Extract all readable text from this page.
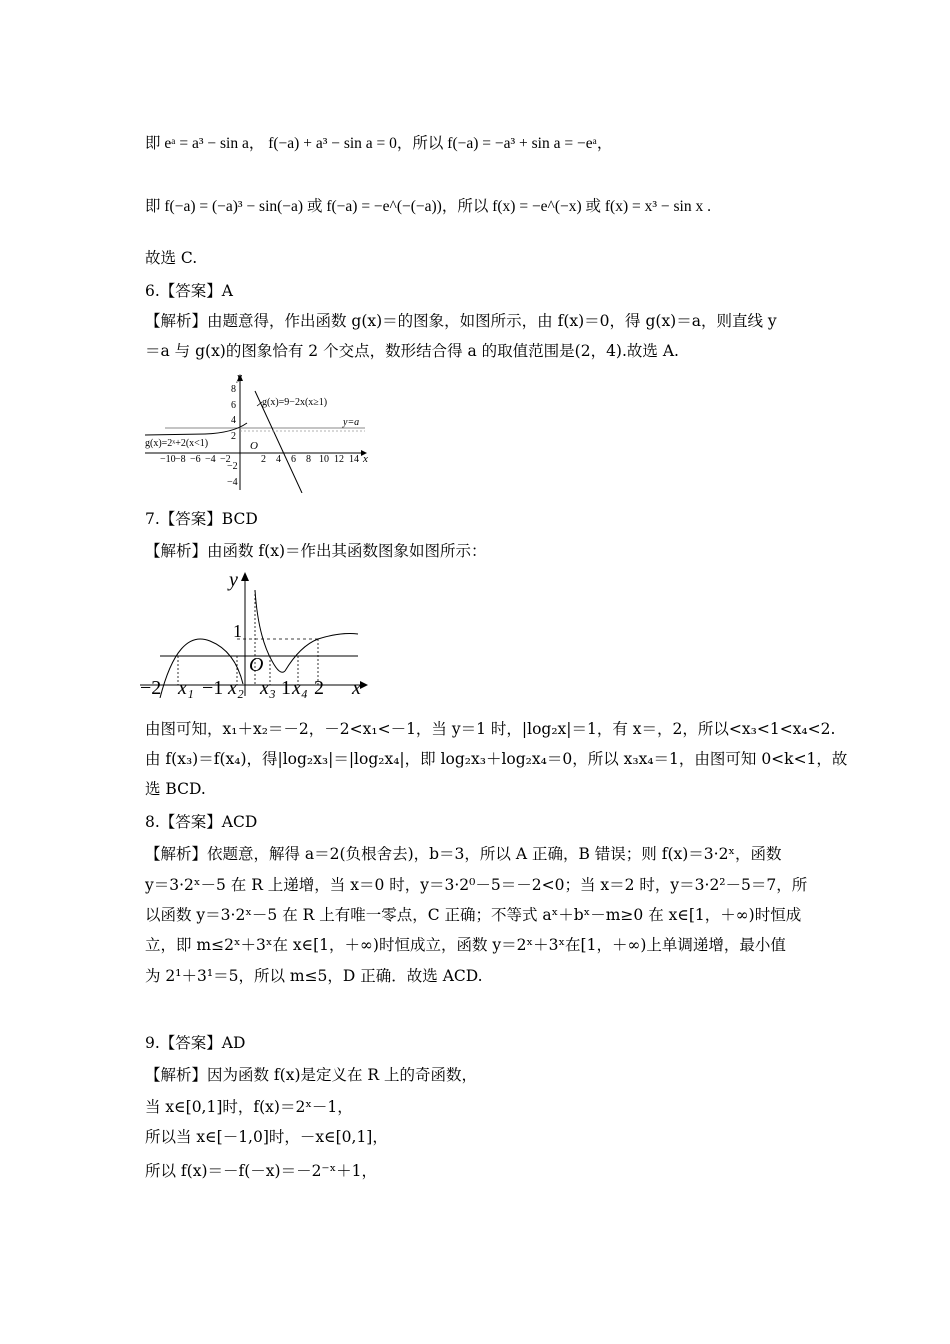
即 eᵃ = a³ − sin a， f(−a) + a³ − sin a = 0，所以 f(−a) = −a³ + sin a = −eᵃ，
即 f(−a) = (−a)³ − sin(−a) 或 f(−a) = −e^(−(−a))，所以 f(x) = −e^(−x) 或 f(x) = x³ − sin x .
故选 C.
6.【答案】A
【解析】由题意得，作出函数 g(x)＝的图象，如图所示，由 f(x)＝0，得 g(x)＝a，则直线 y
＝a 与 g(x)的图象恰有 2 个交点，数形结合得 a 的取值范围是(2，4).故选 A.
y
x
O
−10 −8 −6 −4 −2	2 4 6 8 10 12 14
8
6
4
2
−2
−4
y=a
g(x)=9−2x(x≥1)
g(x)=2ˣ+2(x<1)
7.【答案】BCD
【解析】由函数 f(x)＝作出其函数图象如图所示：
y
x
1
−2 x₁ −1 x₂
O
x₃ 1 x₄ 2
由图可知，x₁＋x₂＝－2，－2<x₁<－1，当 y＝1 时，|log₂x|＝1，有 x＝，2，所以<x₃<1<x₄<2.
由 f(x₃)＝f(x₄)，得|log₂x₃|＝|log₂x₄|，即 log₂x₃＋log₂x₄＝0，所以 x₃x₄＝1，由图可知 0<k<1，故
选 BCD.
8.【答案】ACD
【解析】依题意，解得 a＝2(负根舍去)，b＝3，所以 A 正确，B 错误；则 f(x)＝3·2ˣ，函数
y＝3·2ˣ－5 在 R 上递增，当 x＝0 时，y＝3·2⁰－5＝－2<0；当 x＝2 时，y＝3·2²－5＝7，所
以函数 y＝3·2ˣ－5 在 R 上有唯一零点，C 正确；不等式 aˣ＋bˣ－m≥0 在 x∈[1，＋∞)时恒成
立，即 m≤2ˣ＋3ˣ在 x∈[1，＋∞)时恒成立，函数 y＝2ˣ＋3ˣ在[1，＋∞)上单调递增，最小值
为 2¹＋3¹＝5，所以 m≤5，D 正确．故选 ACD.
9.【答案】AD
【解析】因为函数 f(x)是定义在 R 上的奇函数，
当 x∈[0,1]时，f(x)＝2ˣ－1，
所以当 x∈[－1,0]时，－x∈[0,1]，
所以 f(x)＝－f(－x)＝－2⁻ˣ＋1，
